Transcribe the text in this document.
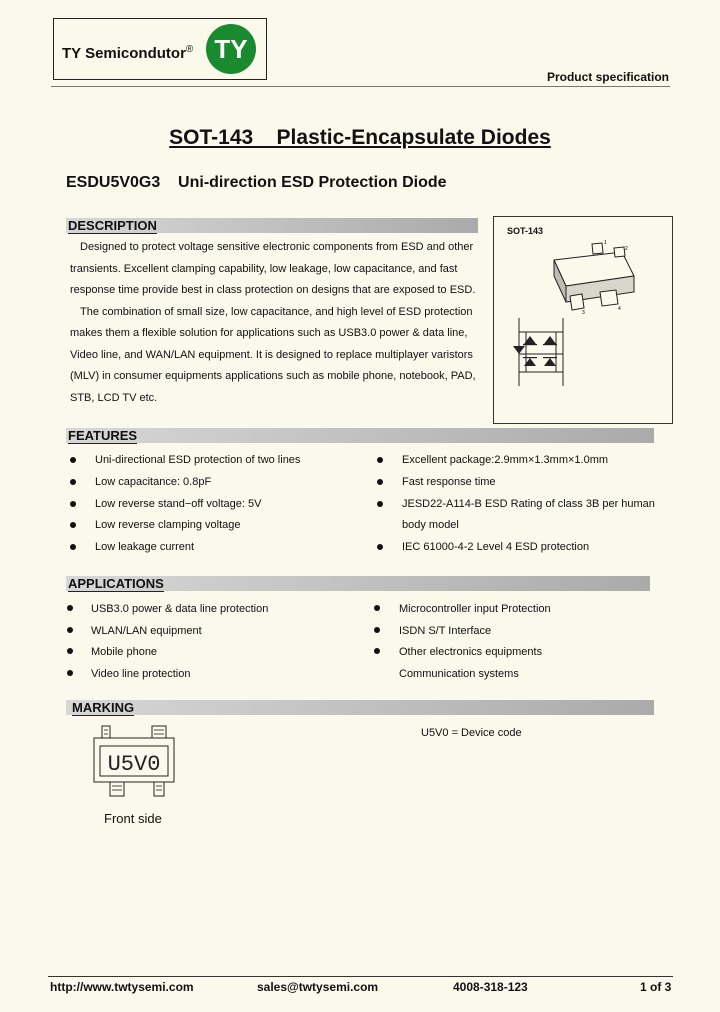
TY Semicondutor® TY
Product specification
SOT-143    Plastic-Encapsulate Diodes
ESDU5V0G3 Uni-direction ESD Protection Diode
DESCRIPTION
Designed to protect voltage sensitive electronic components from ESD and other
transients. Excellent clamping capability, low leakage, low capacitance, and fast
response time provide best in class protection on designs that are exposed to ESD.
The combination of small size, low capacitance, and high level of ESD protection
makes them a flexible solution for applications such as USB3.0 power & data line,
Video line, and WAN/LAN equipment. It is designed to replace multiplayer varistors
(MLV) in consumer equipments applications such as mobile phone, notebook, PAD,
STB, LCD TV etc.
SOT-143
1
2
3
4
FEATURES
Uni-directional ESD protection of two lines
Low capacitance: 0.8pF
Low reverse stand−off voltage: 5V
Low reverse clamping voltage
Low leakage current
Excellent package:2.9mm×1.3mm×1.0mm
Fast response time
JESD22-A114-B ESD Rating of class 3B per human
body model
IEC 61000-4-2 Level 4 ESD protection
APPLICATIONS
USB3.0 power & data line protection
WLAN/LAN equipment
Mobile phone
Video line protection
Microcontroller input Protection
ISDN S/T Interface
Other electronics equipments
Communication systems
MARKING
U5V0
Front side
U5V0 = Device code
http://www.twtysemi.com	sales@twtysemi.com	4008-318-123	1 of 3
